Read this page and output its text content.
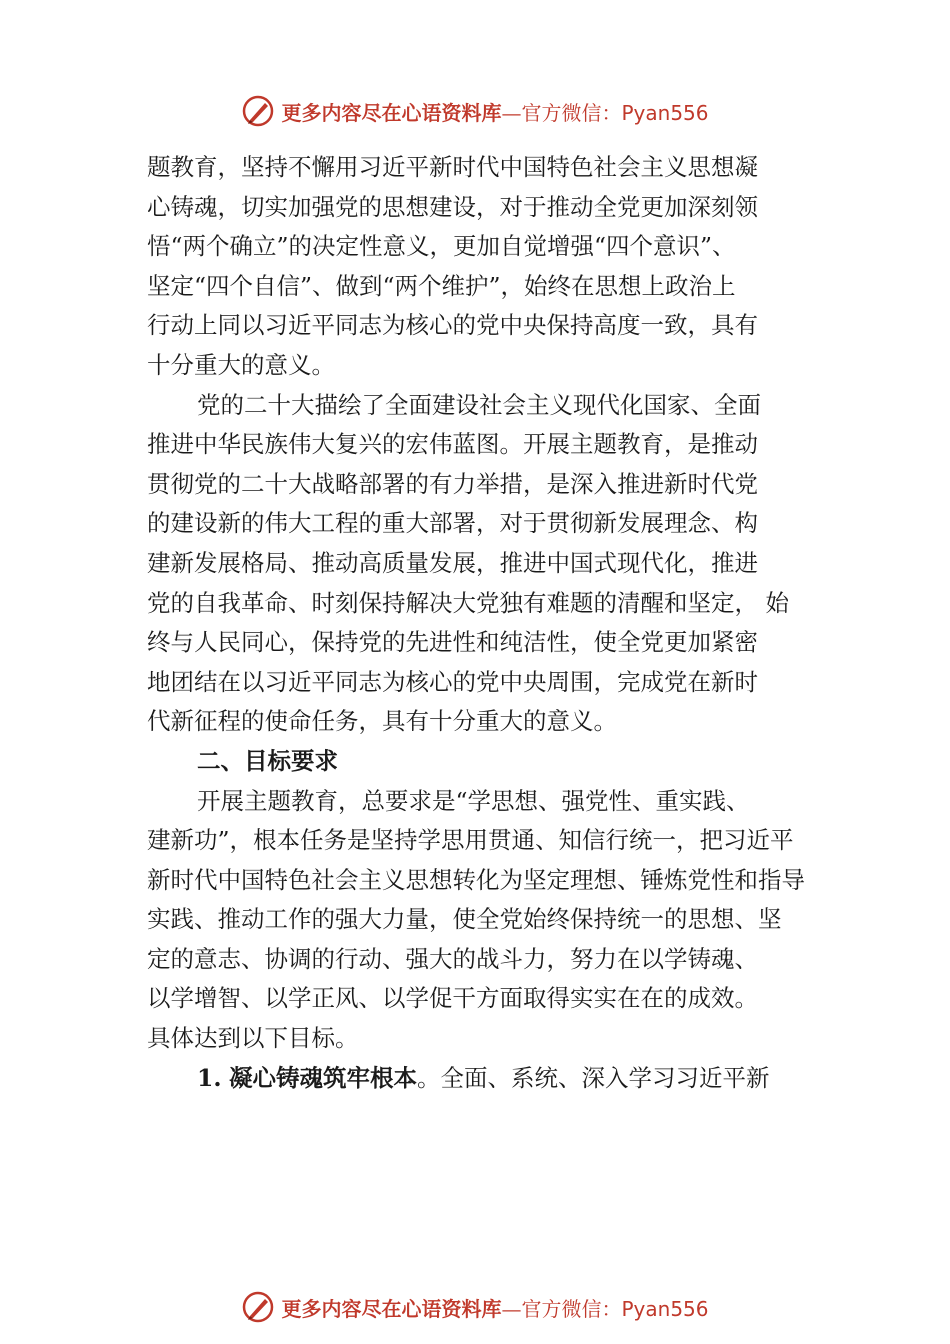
更多内容尽在心语资料库—官方微信：Pyan556
题教育，坚持不懈用习近平新时代中国特色社会主义思想凝
心铸魂，切实加强党的思想建设，对于推动全党更加深刻领
悟“两个确立”的决定性意义，更加自觉增强“四个意识”、
坚定“四个自信”、做到“两个维护”，始终在思想上政治上
行动上同以习近平同志为核心的党中央保持高度一致，具有
十分重大的意义。
党的二十大描绘了全面建设社会主义现代化国家、全面
推进中华民族伟大复兴的宏伟蓝图。开展主题教育，是推动
贯彻党的二十大战略部署的有力举措，是深入推进新时代党
的建设新的伟大工程的重大部署，对于贯彻新发展理念、构
建新发展格局、推动高质量发展，推进中国式现代化，推进
党的自我革命、时刻保持解决大党独有难题的清醒和坚定， 始
终与人民同心，保持党的先进性和纯洁性，使全党更加紧密
地团结在以习近平同志为核心的党中央周围，完成党在新时
代新征程的使命任务，具有十分重大的意义。
二、目标要求
开展主题教育，总要求是“学思想、强党性、重实践、
建新功”，根本任务是坚持学思用贯通、知信行统一，把习近平
新时代中国特色社会主义思想转化为坚定理想、锤炼党性和指导
实践、推动工作的强大力量，使全党始终保持统一的思想、坚
定的意志、协调的行动、强大的战斗力，努力在以学铸魂、
以学增智、以学正风、以学促干方面取得实实在在的成效。
具体达到以下目标。
1. 凝心铸魂筑牢根本。全面、系统、深入学习习近平新
更多内容尽在心语资料库—官方微信：Pyan556
